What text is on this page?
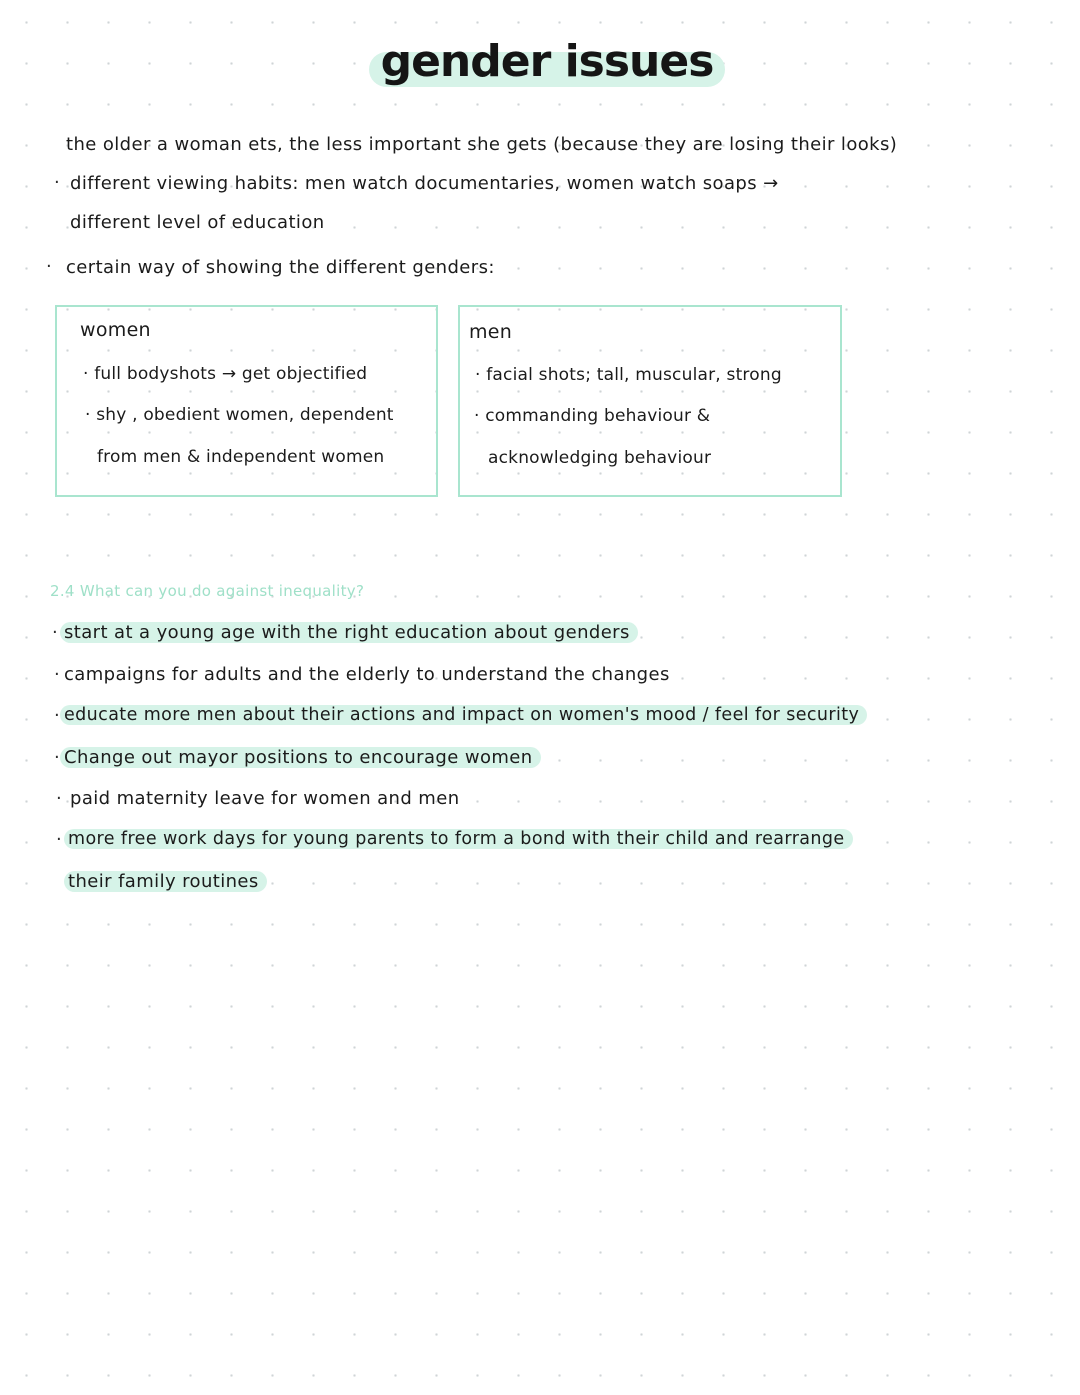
gender issues
the older a woman ets, the less important she gets (because they are losing their looks)
· different viewing habits: men watch documentaries, women watch soaps →
different level of education
· certain way of showing the different genders:
women
· full bodyshots → get objectified
· shy , obedient women, dependent
from men & independent women
men
· facial shots; tall, muscular, strong
· commanding behaviour &
acknowledging behaviour
2.4 What can you do against inequality?
· start at a young age with the right education about genders
· campaigns for adults and the elderly to understand the changes
· educate more men about their actions and impact on women's mood / feel for security
· Change out mayor positions to encourage women
· paid maternity leave for women and men
· more free work days for young parents to form a bond with their child and rearrange
their family routines
